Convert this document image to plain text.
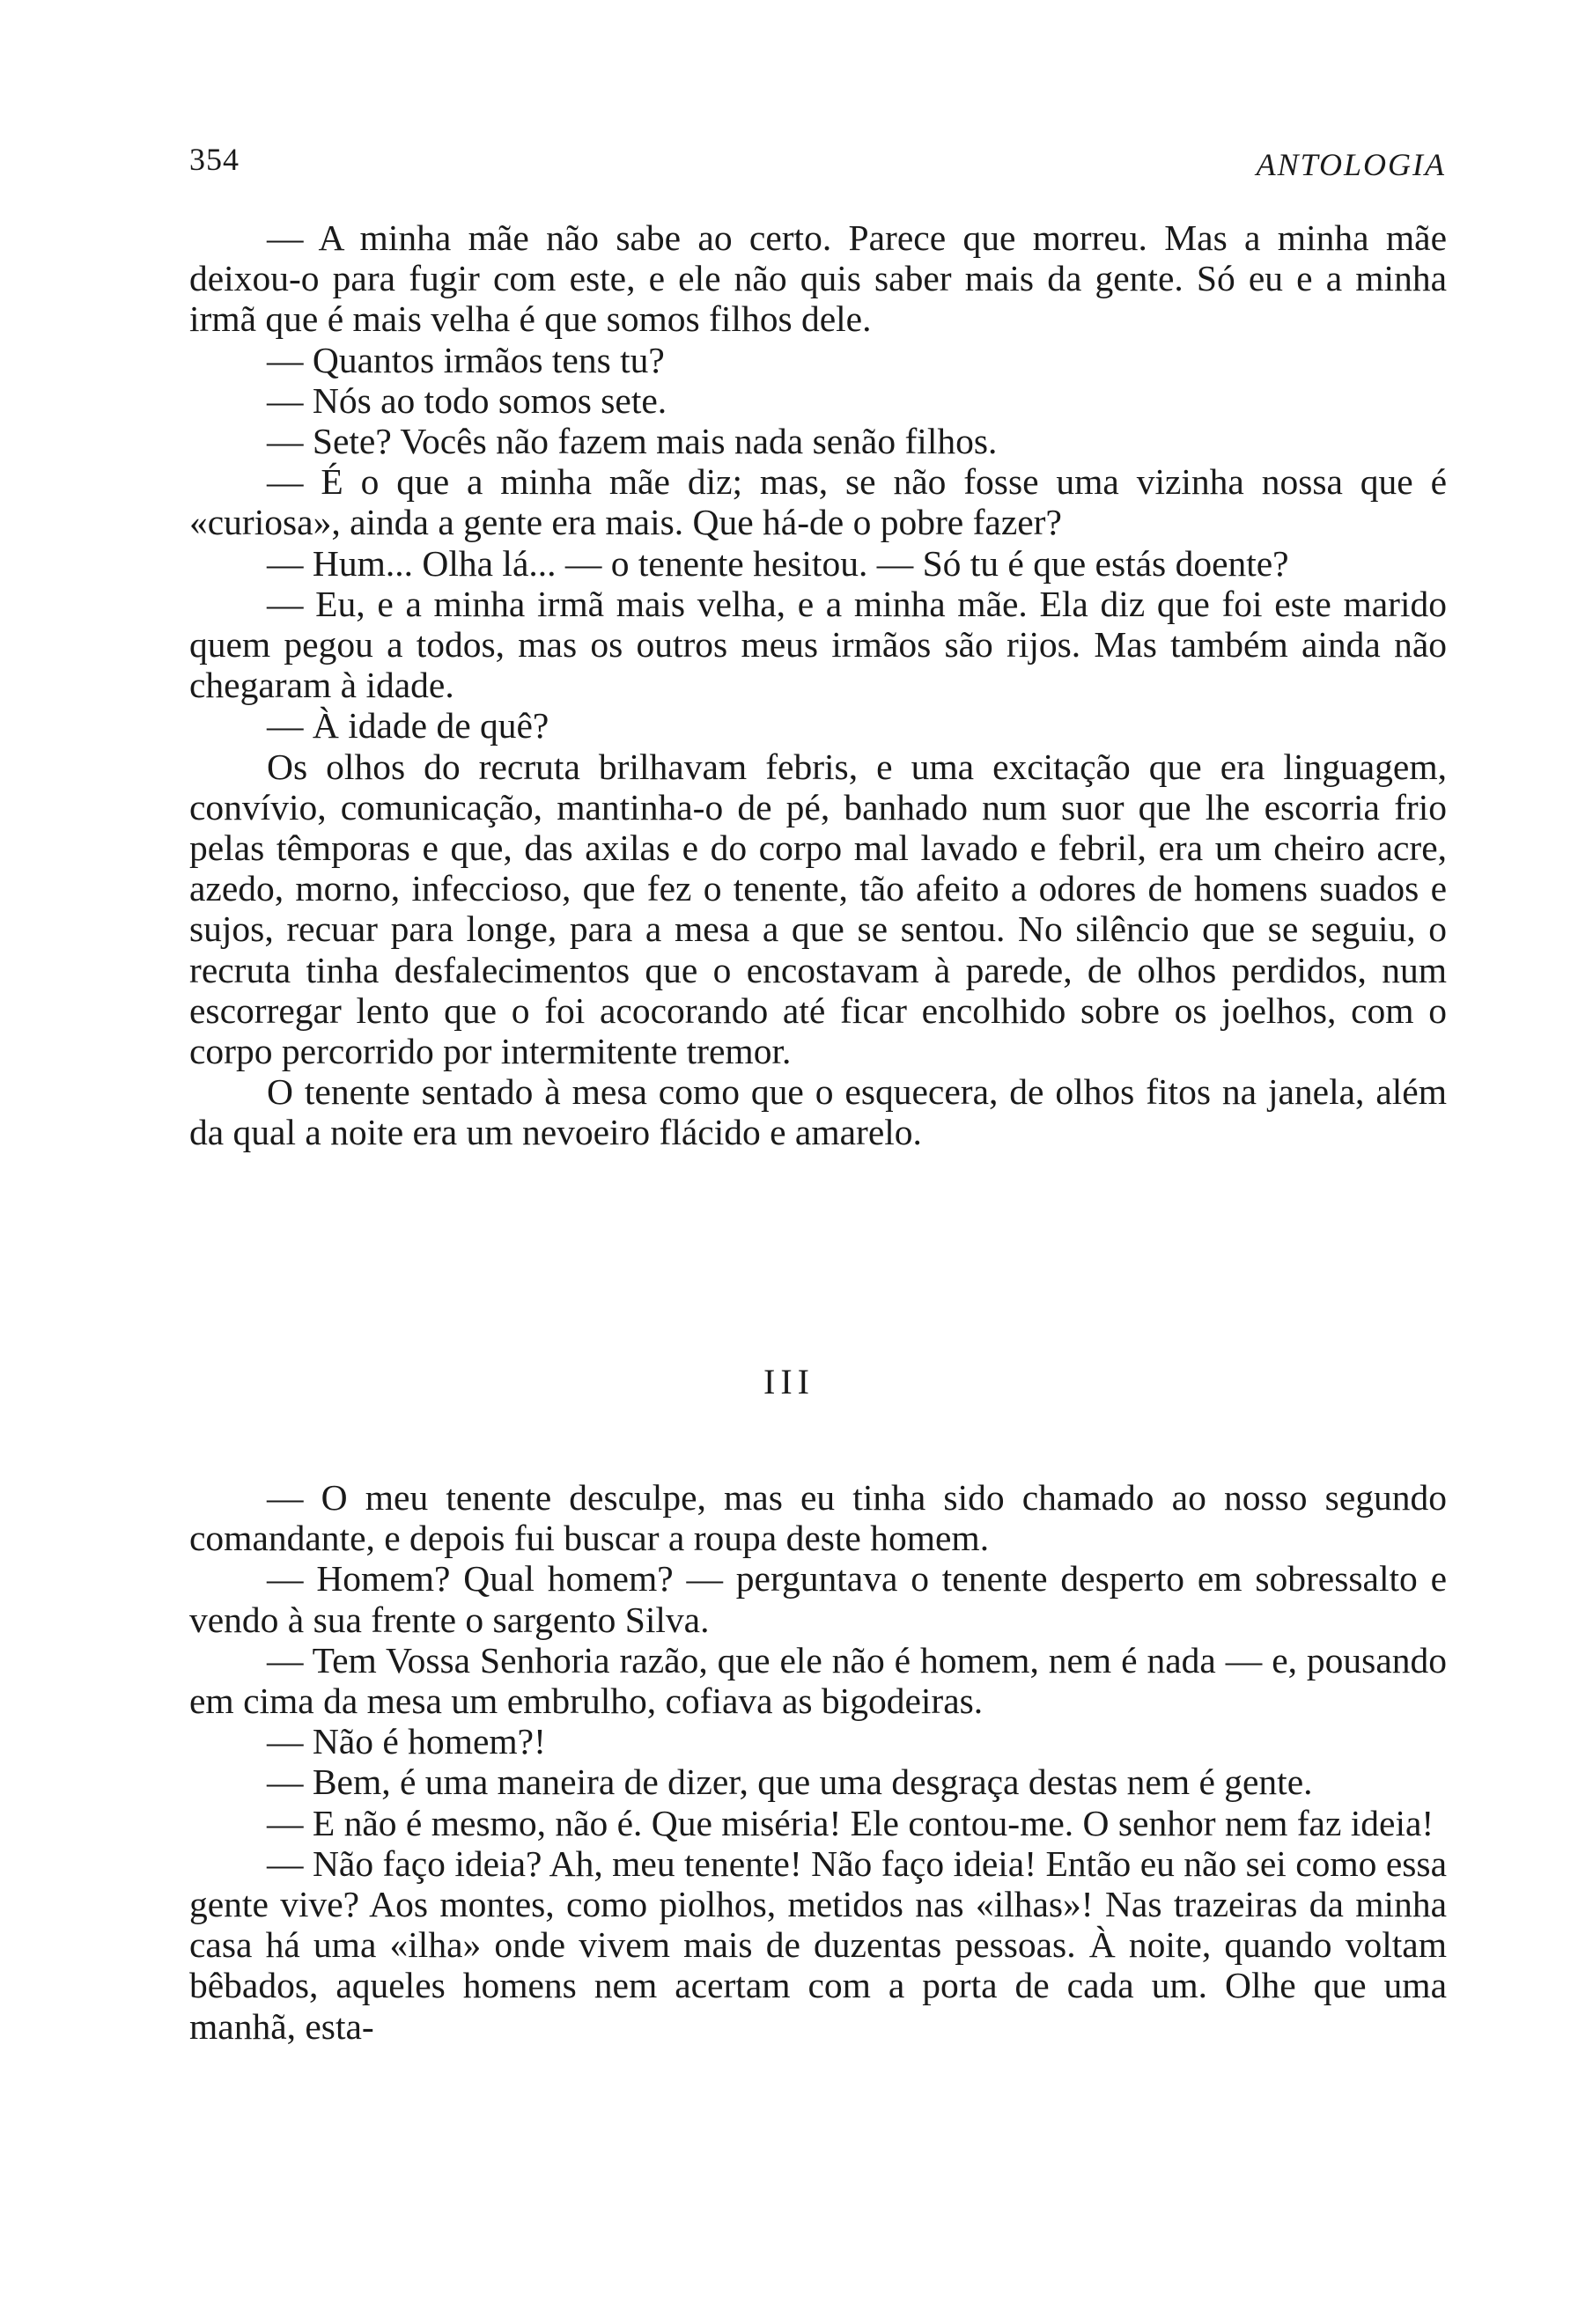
354	ANTOLOGIA

— A minha mãe não sabe ao certo. Parece que morreu. Mas a minha mãe deixou-o para fugir com este, e ele não quis saber mais da gente. Só eu e a minha irmã que é mais velha é que somos filhos dele.

— Quantos irmãos tens tu?

— Nós ao todo somos sete.

— Sete? Vocês não fazem mais nada senão filhos.

— É o que a minha mãe diz; mas, se não fosse uma vizinha nossa que é «curiosa», ainda a gente era mais. Que há-de o pobre fazer?

— Hum... Olha lá... — o tenente hesitou. — Só tu é que estás doente?

— Eu, e a minha irmã mais velha, e a minha mãe. Ela diz que foi este marido quem pegou a todos, mas os outros meus irmãos são rijos. Mas também ainda não chegaram à idade.

— À idade de quê?

Os olhos do recruta brilhavam febris, e uma excitação que era linguagem, convívio, comunicação, mantinha-o de pé, banhado num suor que lhe escorria frio pelas têmporas e que, das axilas e do corpo mal lavado e febril, era um cheiro acre, azedo, morno, infeccioso, que fez o tenente, tão afeito a odores de homens suados e sujos, recuar para longe, para a mesa a que se sentou. No silêncio que se seguiu, o recruta tinha desfalecimentos que o encostavam à parede, de olhos perdidos, num escorregar lento que o foi acocorando até ficar encolhido sobre os joelhos, com o corpo percorrido por intermitente tremor.

O tenente sentado à mesa como que o esquecera, de olhos fitos na janela, além da qual a noite era um nevoeiro flácido e amarelo.

III

— O meu tenente desculpe, mas eu tinha sido chamado ao nosso segundo comandante, e depois fui buscar a roupa deste homem.

— Homem? Qual homem? — perguntava o tenente desperto em sobressalto e vendo à sua frente o sargento Silva.

— Tem Vossa Senhoria razão, que ele não é homem, nem é nada — e, pousando em cima da mesa um embrulho, cofiava as bigodeiras.

— Não é homem?!

— Bem, é uma maneira de dizer, que uma desgraça destas nem é gente.

— E não é mesmo, não é. Que miséria! Ele contou-me. O senhor nem faz ideia!

— Não faço ideia? Ah, meu tenente! Não faço ideia! Então eu não sei como essa gente vive? Aos montes, como piolhos, metidos nas «ilhas»! Nas trazeiras da minha casa há uma «ilha» onde vivem mais de duzentas pessoas. À noite, quando voltam bêbados, aqueles homens nem acertam com a porta de cada um. Olhe que uma manhã, esta-
